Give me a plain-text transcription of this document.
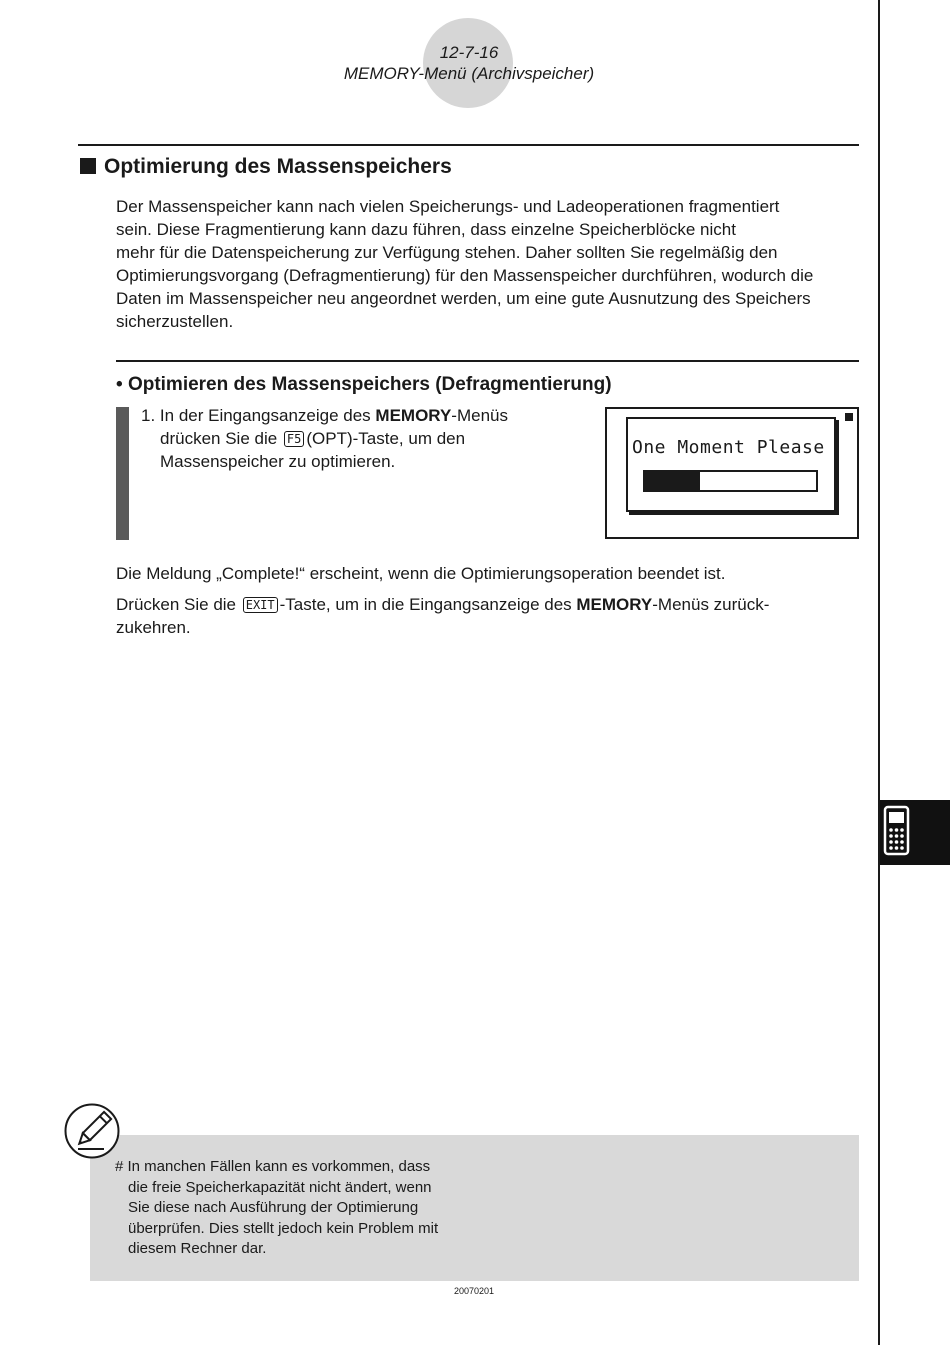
12-7-16
MEMORY-Menü (Archivspeicher)
Optimierung des Massenspeichers
Der Massenspeicher kann nach vielen Speicherungs- und Ladeoperationen fragmentiert
sein. Diese Fragmentierung kann dazu führen, dass einzelne Speicherblöcke nicht
mehr für die Datenspeicherung zur Verfügung stehen. Daher sollten Sie regelmäßig den
Optimierungsvorgang (Defragmentierung) für den Massenspeicher durchführen, wodurch die
Daten im Massenspeicher neu angeordnet werden, um eine gute Ausnutzung des Speichers
sicherzustellen.
• Optimieren des Massenspeichers (Defragmentierung)
1. In der Eingangsanzeige des MEMORY-Menüs
drücken Sie die F5 (OPT)-Taste, um den
Massenspeicher zu optimieren.
One Moment Please
Die Meldung „Complete!“ erscheint, wenn die Optimierungsoperation beendet ist.
Drücken Sie die EXIT -Taste, um in die Eingangsanzeige des MEMORY-Menüs zurück-
zukehren.
# In manchen Fällen kann es vorkommen, dass
die freie Speicherkapazität nicht ändert, wenn
Sie diese nach Ausführung der Optimierung
überprüfen. Dies stellt jedoch kein Problem mit
diesem Rechner dar.
20070201
